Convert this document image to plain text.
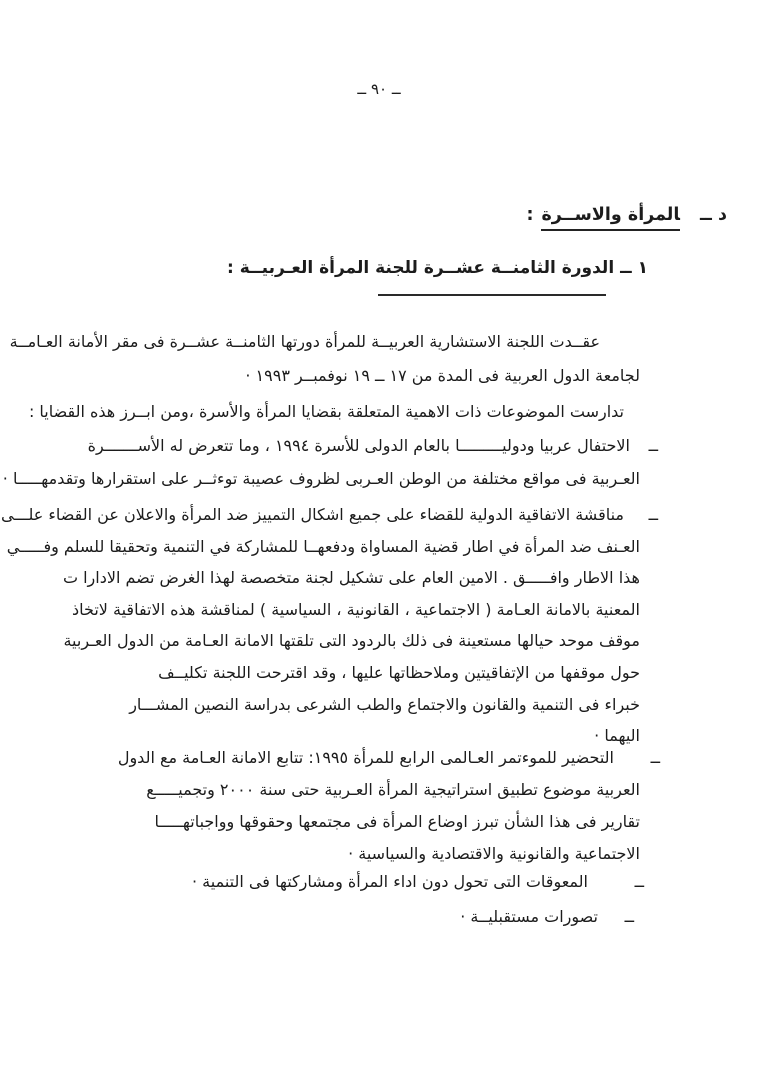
ــ ٩٠ ــ
د ــالمرأة والاســرة:
١ ــ الدورة الثامنــة عشــرة للجنة المرأة العـربيــة :
عقــدت اللجنة الاستشارية العربيــة للمرأة دورتها الثامنــة عشــرة فى مقر الأمانة العـامــة
لجامعة الدول العربية فى المدة من ١٧ ــ ١٩ نوفمبــر ١٩٩٣ ·
تدارست الموضوعات ذات الاهمية المتعلقة بقضايا المرأة والأسرة ،ومن ابــرز هذه القضايا :
ــ
الاحتفال عربيا ودوليـــــــــا بالعام الدولى للأسرة ١٩٩٤ ، وما تتعرض له الأســـــــرة
العـربية فى مواقع مختلفة من الوطن العـربى لظروف عصيبة توءثــر على استقرارها وتقدمهـــــا ·
ــ
مناقشة الاتفاقية الدولية للقضاء على جميع اشكال التمييز ضد المرأة والاعلان عن القضاء علـــى
العـنف ضد المرأة في اطار قضية المساواة ودفعهــا للمشاركة في التنمية وتحقيقا للسلم وفـــــي
هذا الاطار وافـــــق . الامين العام على تشكيل لجنة متخصصة لهذا الغرض تضم الادارا ت
المعنية بالامانة العـامة ( الاجتماعية ، القانونية ، السياسية ) لمناقشة هذه الاتفاقية لاتخاذ
موقف موحد حيالها مستعينة فى ذلك بالردود التى تلقتها الامانة العـامة من الدول العـربية
حول موقفها من الإتفاقيتين وملاحظاتها عليها ، وقد اقترحت اللجنة تكليــف
خبراء فى التنمية والقانون والاجتماع والطب الشرعى بدراسة النصين المشـــار
اليهما ·
ــ
التحضير للموءتمر العـالمى الرابع للمرأة ١٩٩٥: تتابع الامانة العـامة مع الدول
العربية موضوع تطبيق استراتيجية المرأة العـربية حتى سنة ٢٠٠٠ وتجميـــــع
تقارير فى هذا الشأن تبرز اوضاع المرأة فى مجتمعها وحقوقها وواجباتهـــــا
الاجتماعية والقانونية والاقتصادية والسياسية ·
ــ
المعوقات التى تحول دون اداء المرأة ومشاركتها فى التنمية ·
ــ
تصورات مستقبليــة ·
